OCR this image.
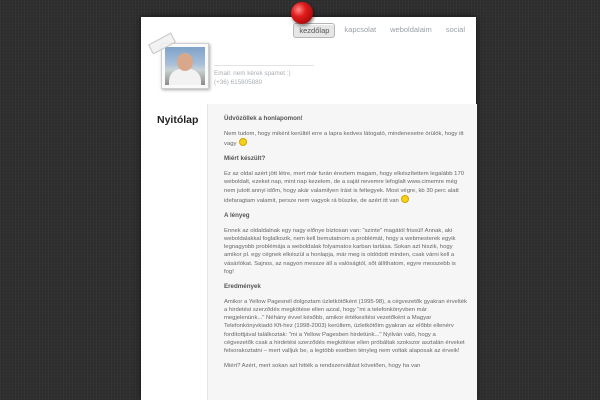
kezdőlap	kapcsolat	weboldalaim	social
Email: nem kérek spamet :)
(+36) 615805880
Nyitólap	Üdvözöllek a honlapomon!

Nem tudom, hogy miként kerültél erre a lapra kedves látogató, mindenesetre örülök, hogy itt vagy

Miért készült?

Ez az oldal azért jött létre, mert már furán éreztem magam, hogy elkészítettem legalább 170 weboldalt, ezeket nap, mint nap kezelem, de a saját nevemre lefoglalt www.cimemre még nem jutott annyi időm, hogy akár valamilyen írást is feltegyek. Most végre, kb 30 perc alatt idefaragtam valamit, persze nem vagyok rá büszke, de azért itt van

A lényeg

Ennek az oldaldalnak egy nagy előnye biztosan van: "szinte" magától frissül! Annak, aki weboldalakkal foglalkozik, nem kell bemutatnom a problémát, hogy a webmesterek egyik legnagyobb problémája a weboldalak folyamatos karban tartása. Sokan azt hiszik, hogy amikor pl. egy cégnek elkészül a honlapja, már meg is oldódott minden, csak várni kell a vásárlókat. Sajnos, az nagyon messze áll a valóságtól, sőt állíthatom, egyre messzebb is fog!

Eredmények

Amikor a Yellow Pagesnél dolgoztam üzletkötőként (1995-98), a cégvezetők gyakran érvelték a hirdetési szerződés megkötése ellen azzal, hogy "mi a telefonkönyvben már megjelenünk..." Néhány évvel később, amikor értékesítési vezetőként a Magyar Telefonkönyvkiadó Kft-hez (1998-2003) kerültem, üzletkötőim gyakran az előbbi ellenérv fordítottjával találkoztak: "mi a Yellow Pagesben hirdetünk..." Nyilván való, hogy a cégvezetők csak a hirdetési szerződés megkötése ellen próbáltak szokszor asztalán érveket felsorakoztatni – mert valljuk be, a legtöbb esetben tényleg nem voltak alaposak az érveik!

Miért? Azért, mert sokan azt hitték a rendszerváltást követően, hogy ha van
